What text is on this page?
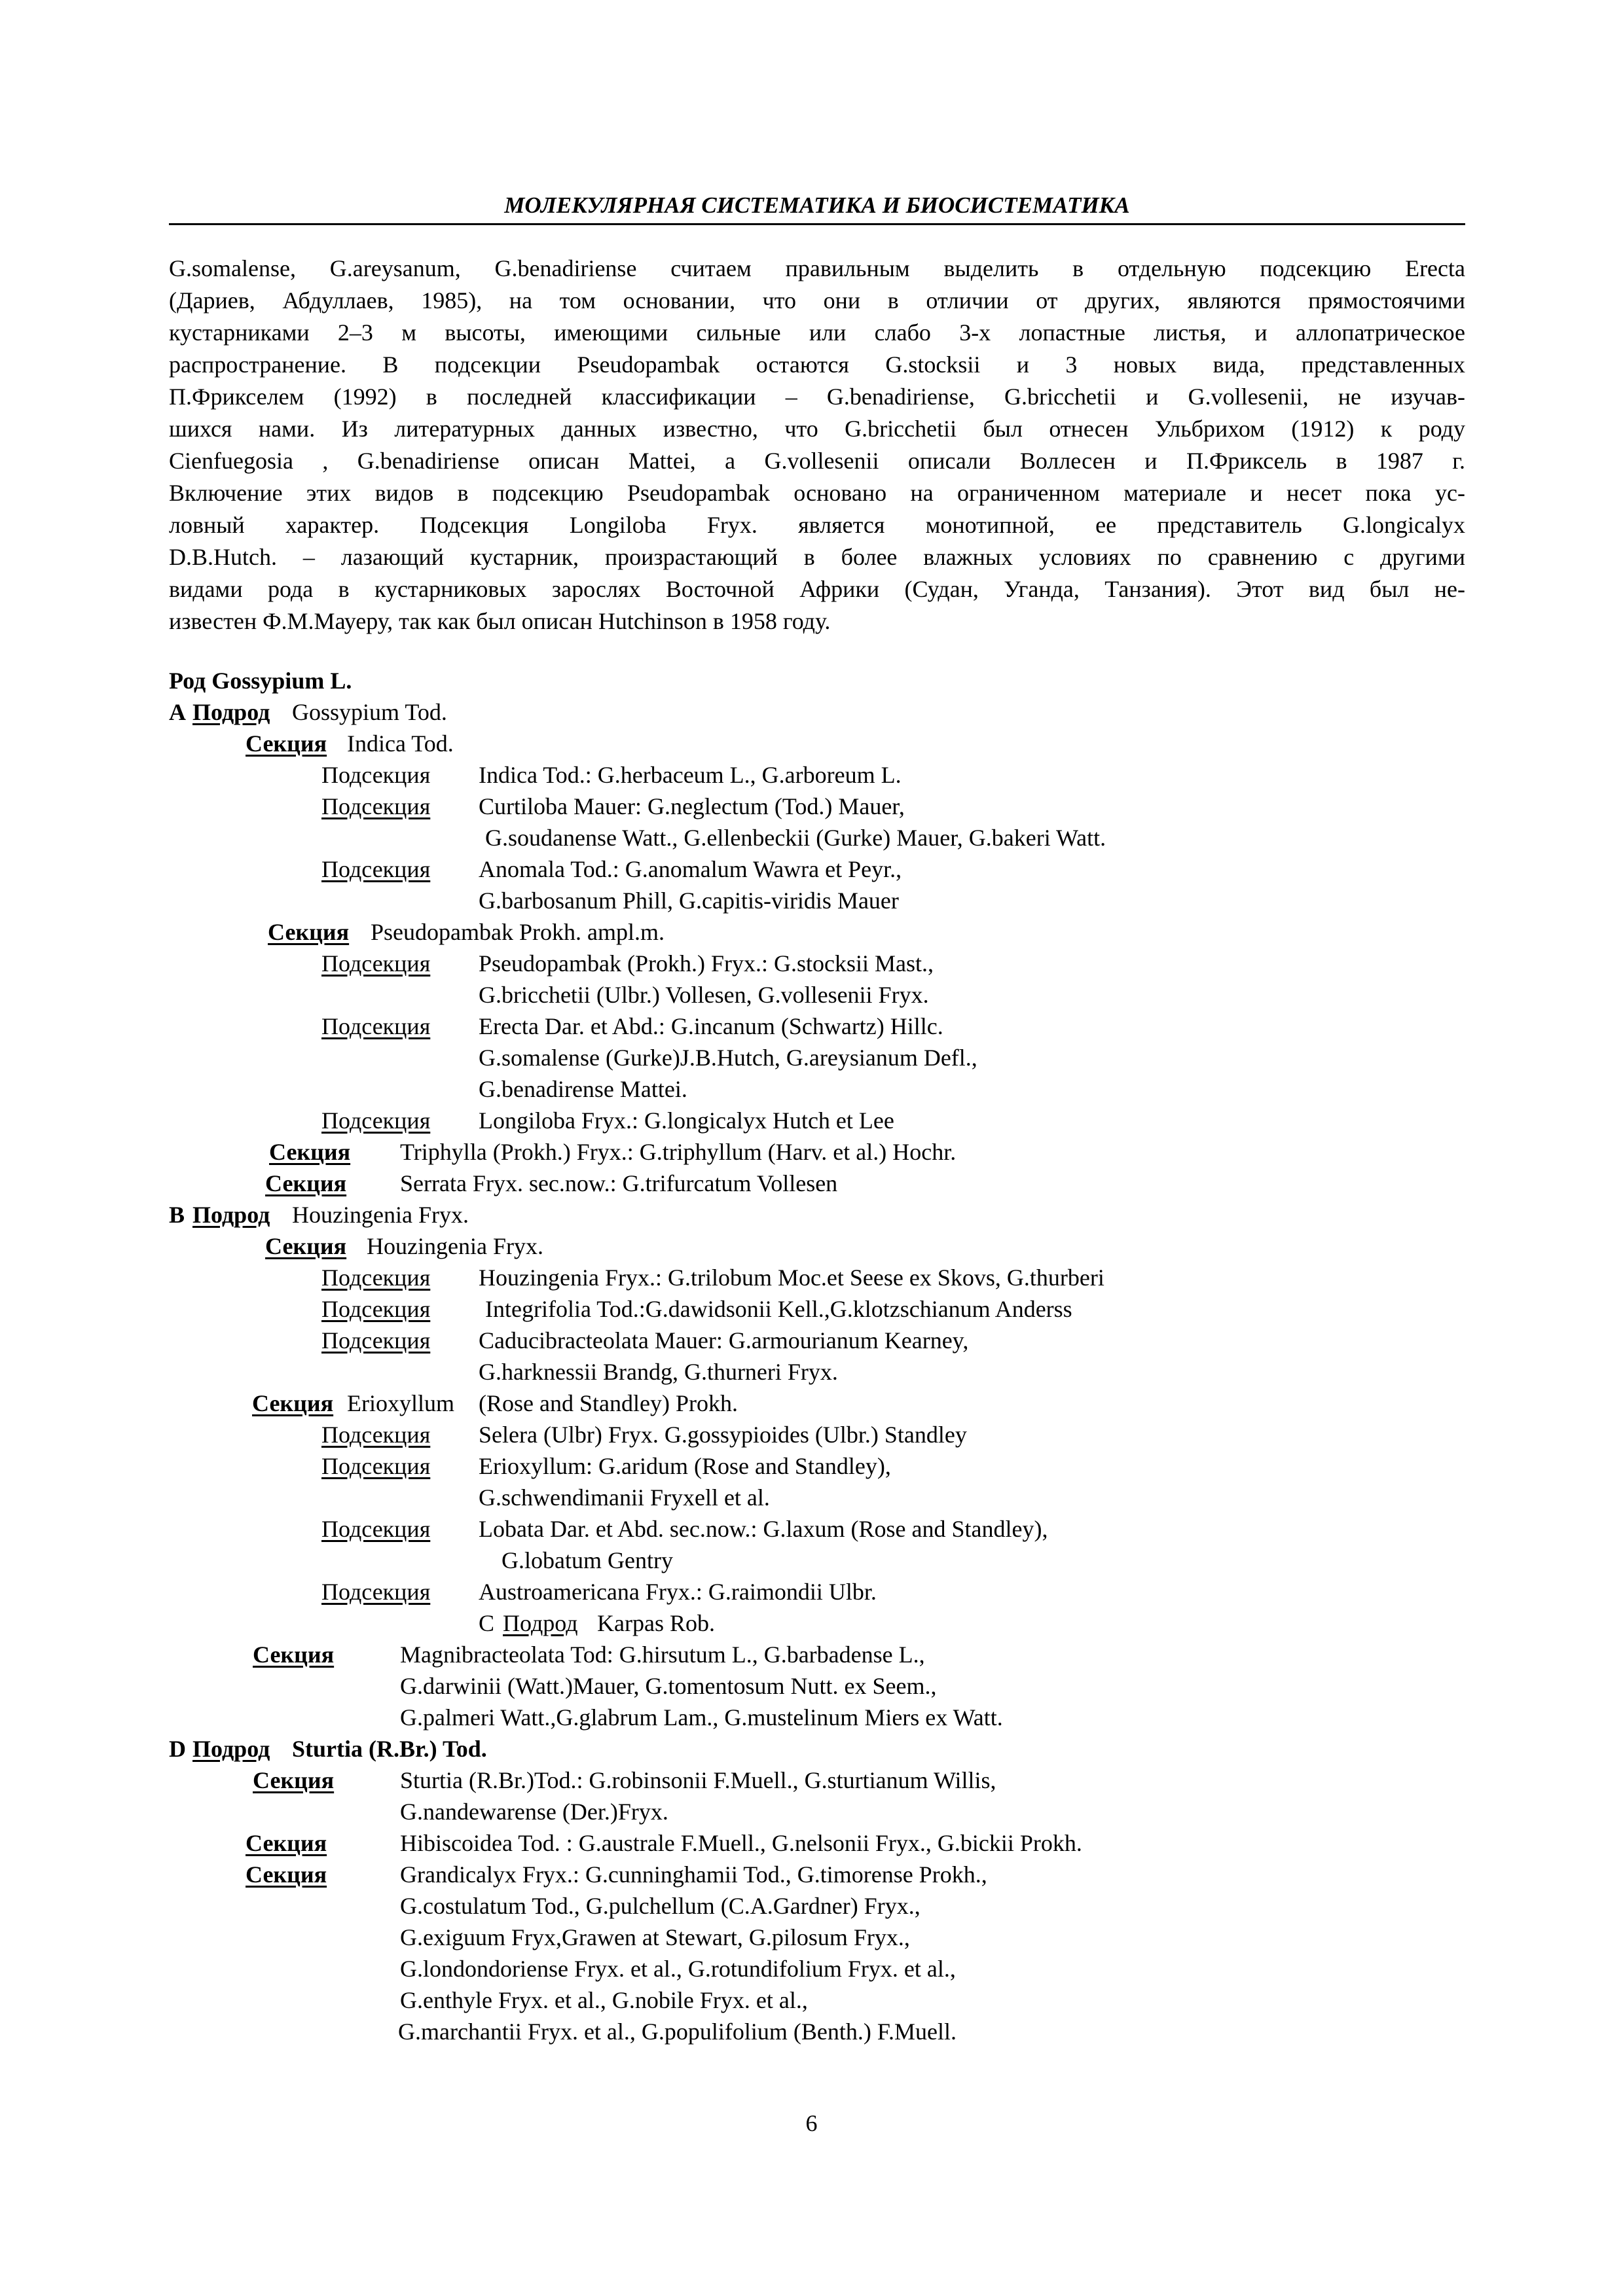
МОЛЕКУЛЯРНАЯ СИСТЕМАТИКА И БИОСИСТЕМАТИКА
G.somalense, G.areysanum, G.benadiriense считаем правильным выделить в отдельную подсекцию Erecta
(Дариев, Абдуллаев, 1985), на том основании, что они в отличии от других, являются прямостоячими
кустарниками 2–3 м высоты, имеющими сильные или слабо 3-х лопастные листья, и аллопатрическое
распространение. В подсекции Pseudopambak остаются G.stocksii и 3 новых вида, представленных
П.Фрикселем (1992) в последней классификации – G.benadiriense, G.bricchetii и G.vollesenii, не изучав-
шихся нами. Из литературных данных известно, что G.bricchetii был отнесен Ульбрихом (1912) к роду
Cienfuegosia , G.benadiriense описан Mattei, а G.vollesenii описали Воллесен и П.Фриксель в 1987 г.
Включение этих видов в подсекцию Pseudopambak основано на ограниченном материале и несет пока ус-
ловный характер. Подсекция Longiloba Fryx. является монотипной, ее представитель G.longicalyx
D.B.Hutch. – лазающий кустарник, произрастающий в более влажных условиях по сравнению с другими
видами рода в кустарниковых зарослях Восточной Африки (Судан, Уганда, Танзания). Этот вид был не-
известен Ф.М.Мауеру, так как был описан Hutchinson в 1958 году.
Род Gossypium L.
A Подрод Gossypium Tod.
Секция Indica Tod.
Подсекция Indica Tod.: G.herbaceum L., G.arboreum L.
Подсекция Curtiloba Mauer: G.neglectum (Tod.) Mauer,
G.soudanense Watt., G.ellenbeckii (Gurke) Mauer, G.bakeri Watt.
Подсекция Anomala Tod.: G.anomalum Wawra et Peyr.,
G.barbosanum Phill, G.capitis-viridis Mauer
Секция Pseudopambak Prokh. ampl.m.
Подсекция Pseudopambak (Prokh.) Fryx.: G.stocksii Mast.,
G.bricchetii (Ulbr.) Vollesen, G.vollesenii Fryx.
Подсекция Erecta Dar. et Abd.: G.incanum (Schwartz) Hillc.
G.somalense (Gurke)J.B.Hutch, G.areysianum Defl.,
G.benadirense Mattei.
Подсекция Longiloba Fryx.: G.longicalyx Hutch et Lee
Секция Triphylla (Prokh.) Fryx.: G.triphyllum (Harv. et al.) Hochr.
Секция Serrata Fryx. sec.now.: G.trifurcatum Vollesen
B Подрод Houzingenia Fryx.
Секция Houzingenia Fryx.
Подсекция Houzingenia Fryx.: G.trilobum Moc.et Seese ex Skovs, G.thurberi
Подсекция Integrifolia Tod.:G.dawidsonii Kell.,G.klotzschianum Anderss
Подсекция Caducibracteolata Mauer: G.armourianum Kearney,
G.harknessii Brandg, G.thurneri Fryx.
Секция Erioxyllum (Rose and Standley) Prokh.
Подсекция Selera (Ulbr) Fryx. G.gossypioides (Ulbr.) Standley
Подсекция Erioxyllum: G.aridum (Rose and Standley),
G.schwendimanii Fryxell et al.
Подсекция Lobata Dar. et Abd. sec.now.: G.laxum (Rose and Standley),
G.lobatum Gentry
Подсекция Austroamericana Fryx.: G.raimondii Ulbr.
C Подрод Karpas Rob.
Секция	Magnibracteolata Tod: G.hirsutum L., G.barbadense L.,
G.darwinii (Watt.)Mauer, G.tomentosum Nutt. ex Seem.,
G.palmeri Watt.,G.glabrum Lam., G.mustelinum Miers ex Watt.
D Подрод Sturtia (R.Br.) Tod.
Секция	Sturtia (R.Br.)Tod.: G.robinsonii F.Muell., G.sturtianum Willis,
G.nandewarense (Der.)Fryx.
Секция	Hibiscoidea Tod. : G.australe F.Muell., G.nelsonii Fryx., G.bickii Prokh.
Секция	Grandicalyx Fryx.: G.cunninghamii Tod., G.timorense Prokh.,
G.costulatum Tod., G.pulchellum (C.A.Gardner) Fryx.,
G.exiguum Fryx,Grawen at Stewart, G.pilosum Fryx.,
G.londondoriense Fryx. et al., G.rotundifolium Fryx. et al.,
G.enthyle Fryx. et al., G.nobile Fryx. et al.,
G.marchantii Fryx. et al., G.populifolium (Benth.) F.Muell.
6
